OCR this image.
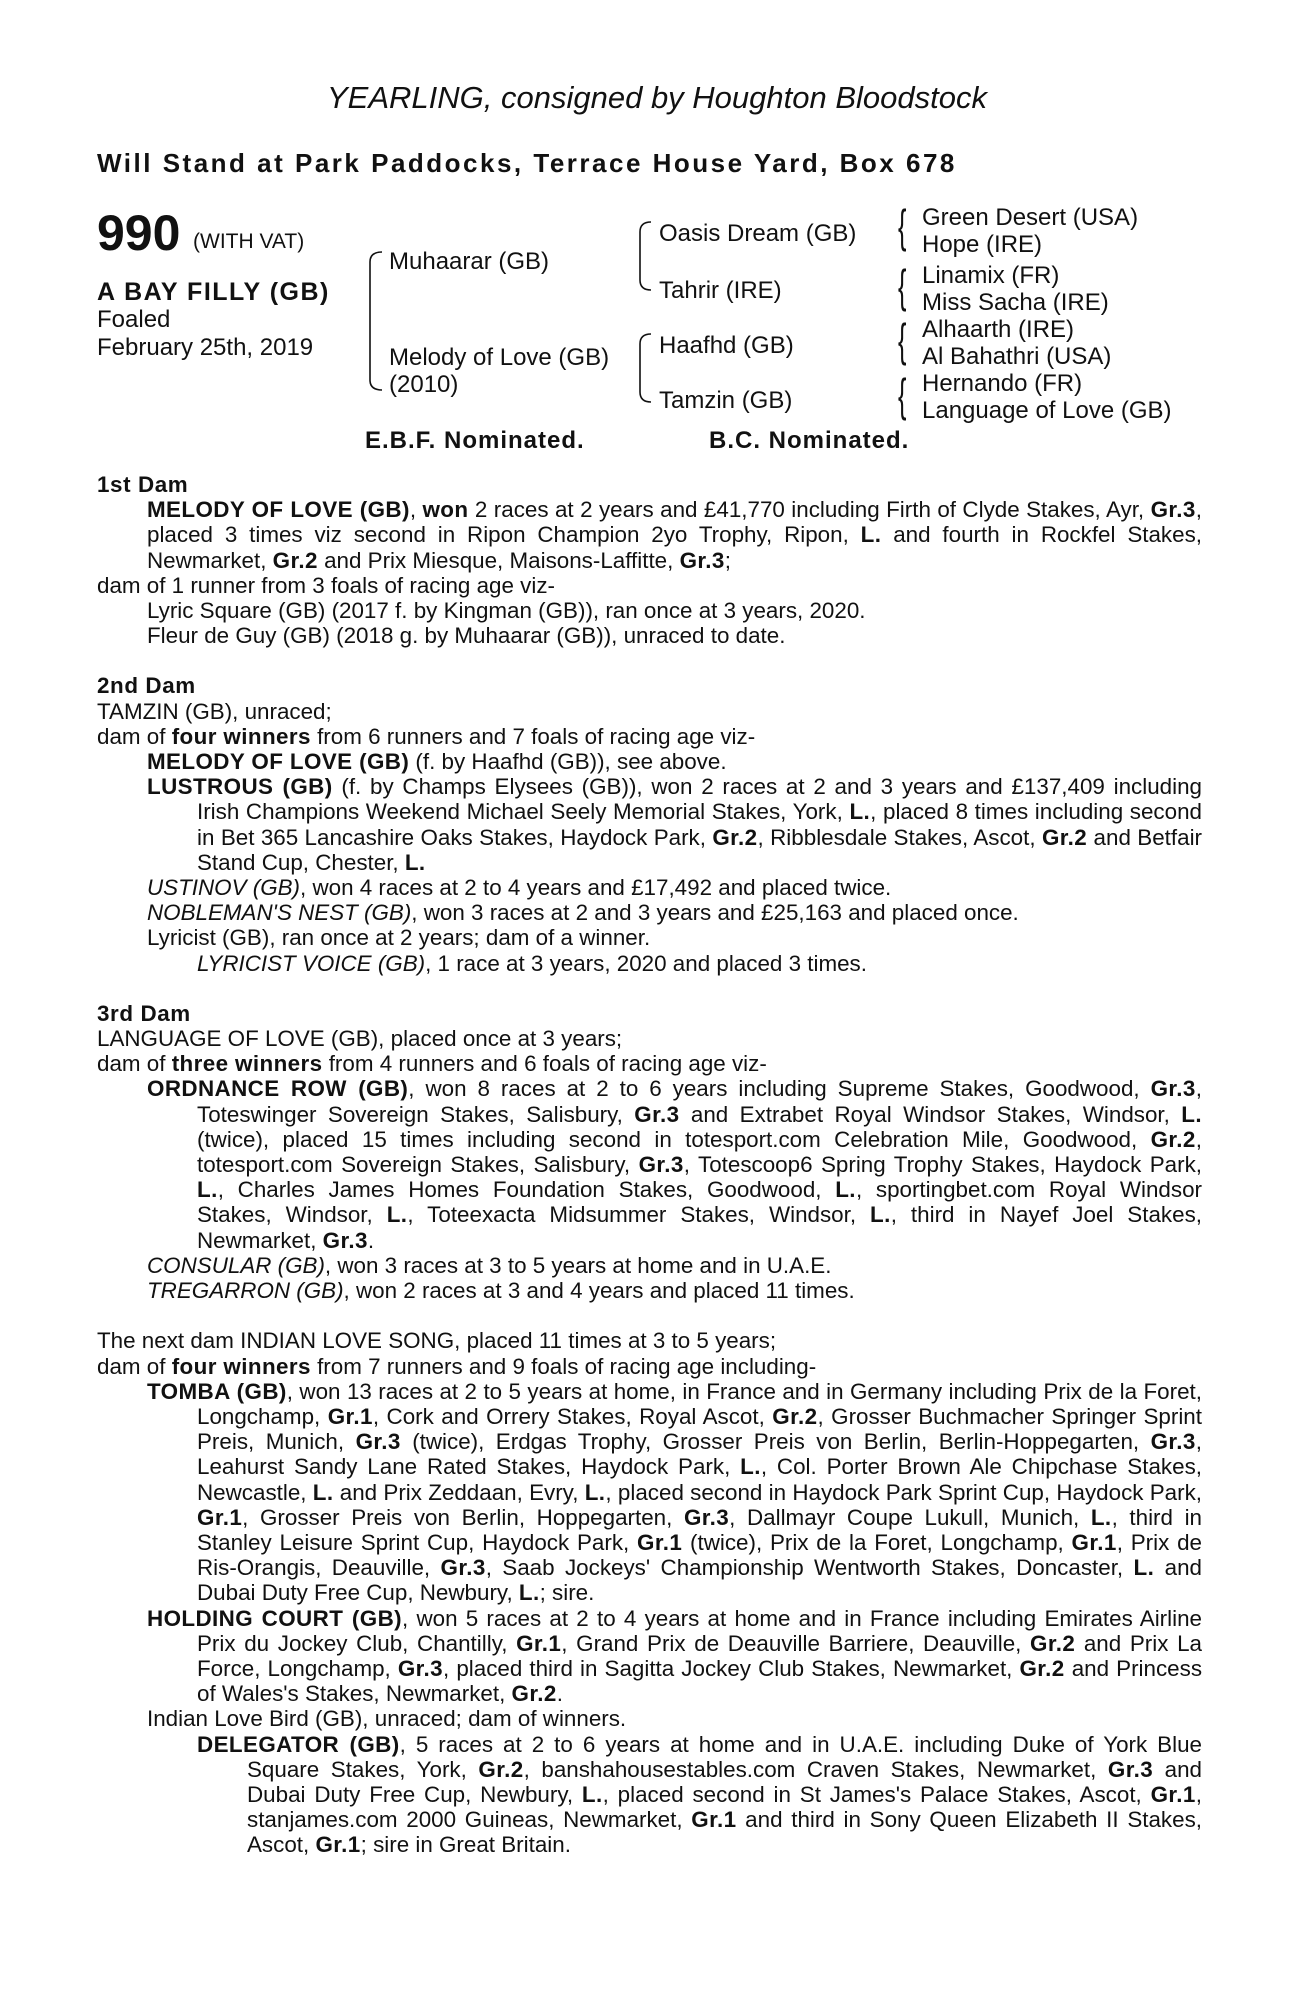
YEARLING, consigned by Houghton Bloodstock
Will Stand at Park Paddocks, Terrace House Yard, Box 678
990 (WITH VAT)
A BAY FILLY (GB)
Foaled
February 25th, 2019
Muhaarar (GB)
Melody of Love (GB)
(2010)
Oasis Dream (GB)
Tahrir (IRE)
Haafhd (GB)
Tamzin (GB)
{
{
{
{
Green Desert (USA)
Hope (IRE)
Linamix (FR)
Miss Sacha (IRE)
Alhaarth (IRE)
Al Bahathri (USA)
Hernando (FR)
Language of Love (GB)
E.B.F. Nominated.	B.C. Nominated.

1st Dam

MELODY OF LOVE (GB), won 2 races at 2 years and £41,770 including Firth of Clyde Stakes, Ayr, Gr.3, placed 3 times viz second in Ripon Champion 2yo Trophy, Ripon, L. and fourth in Rockfel Stakes, Newmarket, Gr.2 and Prix Miesque, Maisons-Laffitte, Gr.3;

dam of 1 runner from 3 foals of racing age viz-

Lyric Square (GB) (2017 f. by Kingman (GB)), ran once at 3 years, 2020.

Fleur de Guy (GB) (2018 g. by Muhaarar (GB)), unraced to date.

2nd Dam

TAMZIN (GB), unraced;

dam of four winners from 6 runners and 7 foals of racing age viz-

MELODY OF LOVE (GB) (f. by Haafhd (GB)), see above.

LUSTROUS (GB) (f. by Champs Elysees (GB)), won 2 races at 2 and 3 years and £137,409 including Irish Champions Weekend Michael Seely Memorial Stakes, York, L., placed 8 times including second in Bet 365 Lancashire Oaks Stakes, Haydock Park, Gr.2, Ribblesdale Stakes, Ascot, Gr.2 and Betfair Stand Cup, Chester, L.

USTINOV (GB), won 4 races at 2 to 4 years and £17,492 and placed twice.

NOBLEMAN'S NEST (GB), won 3 races at 2 and 3 years and £25,163 and placed once.

Lyricist (GB), ran once at 2 years; dam of a winner.

LYRICIST VOICE (GB), 1 race at 3 years, 2020 and placed 3 times.

3rd Dam

LANGUAGE OF LOVE (GB), placed once at 3 years;

dam of three winners from 4 runners and 6 foals of racing age viz-

ORDNANCE ROW (GB), won 8 races at 2 to 6 years including Supreme Stakes, Goodwood, Gr.3, Toteswinger Sovereign Stakes, Salisbury, Gr.3 and Extrabet Royal Windsor Stakes, Windsor, L. (twice), placed 15 times including second in totesport.com Celebration Mile, Goodwood, Gr.2, totesport.com Sovereign Stakes, Salisbury, Gr.3, Totescoop6 Spring Trophy Stakes, Haydock Park, L., Charles James Homes Foundation Stakes, Goodwood, L., sportingbet.com Royal Windsor Stakes, Windsor, L., Toteexacta Midsummer Stakes, Windsor, L., third in Nayef Joel Stakes, Newmarket, Gr.3.

CONSULAR (GB), won 3 races at 3 to 5 years at home and in U.A.E.

TREGARRON (GB), won 2 races at 3 and 4 years and placed 11 times.

The next dam INDIAN LOVE SONG, placed 11 times at 3 to 5 years;

dam of four winners from 7 runners and 9 foals of racing age including-

TOMBA (GB), won 13 races at 2 to 5 years at home, in France and in Germany including Prix de la Foret, Longchamp, Gr.1, Cork and Orrery Stakes, Royal Ascot, Gr.2, Grosser Buchmacher Springer Sprint Preis, Munich, Gr.3 (twice), Erdgas Trophy, Grosser Preis von Berlin, Berlin-Hoppegarten, Gr.3, Leahurst Sandy Lane Rated Stakes, Haydock Park, L., Col. Porter Brown Ale Chipchase Stakes, Newcastle, L. and Prix Zeddaan, Evry, L., placed second in Haydock Park Sprint Cup, Haydock Park, Gr.1, Grosser Preis von Berlin, Hoppegarten, Gr.3, Dallmayr Coupe Lukull, Munich, L., third in Stanley Leisure Sprint Cup, Haydock Park, Gr.1 (twice), Prix de la Foret, Longchamp, Gr.1, Prix de Ris-Orangis, Deauville, Gr.3, Saab Jockeys' Championship Wentworth Stakes, Doncaster, L. and Dubai Duty Free Cup, Newbury, L.; sire.

HOLDING COURT (GB), won 5 races at 2 to 4 years at home and in France including Emirates Airline Prix du Jockey Club, Chantilly, Gr.1, Grand Prix de Deauville Barriere, Deauville, Gr.2 and Prix La Force, Longchamp, Gr.3, placed third in Sagitta Jockey Club Stakes, Newmarket, Gr.2 and Princess of Wales's Stakes, Newmarket, Gr.2.

Indian Love Bird (GB), unraced; dam of winners.

DELEGATOR (GB), 5 races at 2 to 6 years at home and in U.A.E. including Duke of York Blue Square Stakes, York, Gr.2, banshahousestables.com Craven Stakes, Newmarket, Gr.3 and Dubai Duty Free Cup, Newbury, L., placed second in St James's Palace Stakes, Ascot, Gr.1, stanjames.com 2000 Guineas, Newmarket, Gr.1 and third in Sony Queen Elizabeth II Stakes, Ascot, Gr.1; sire in Great Britain.
